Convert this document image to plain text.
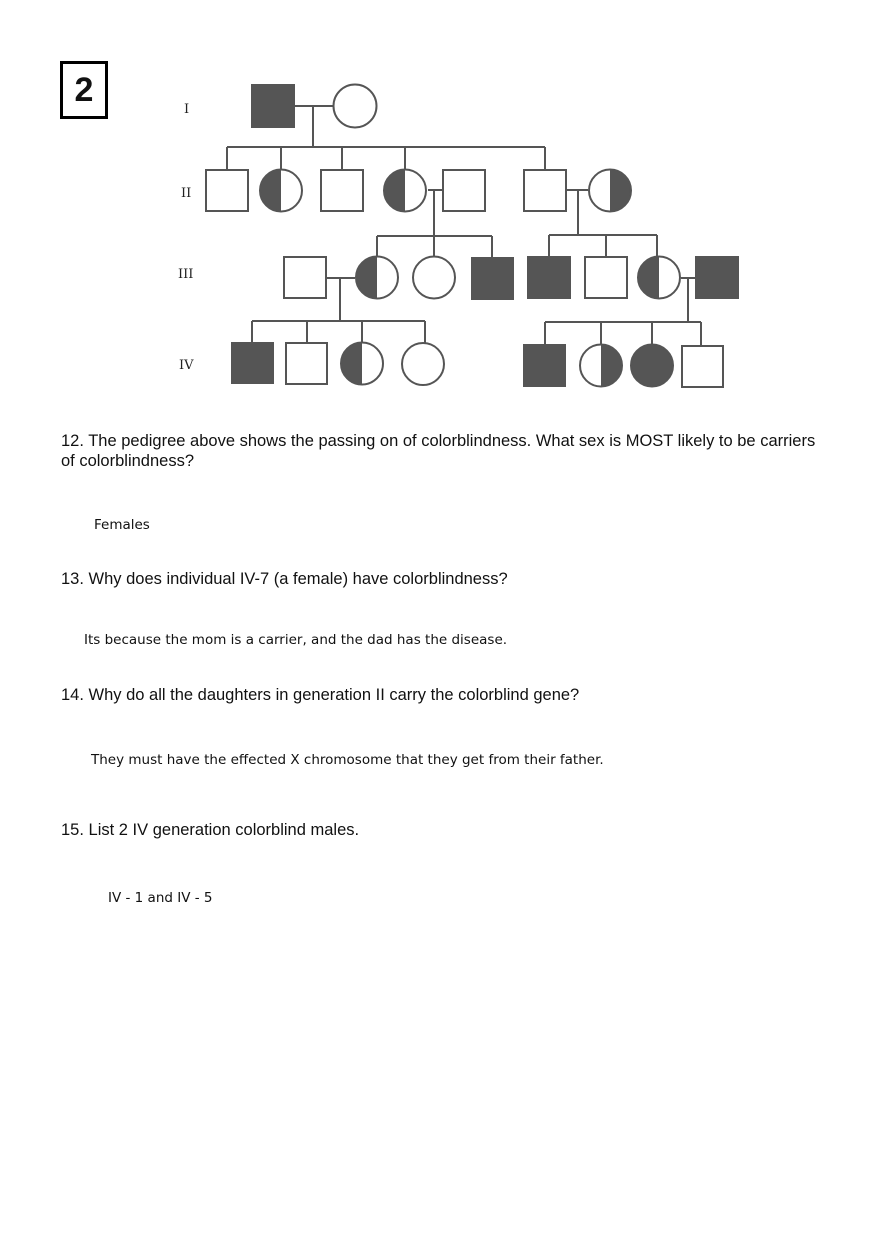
2
I
II
III
IV
12. The pedigree above shows the passing on of colorblindness. What sex is MOST likely to be carriers of colorblindness?
Females
13. Why does individual IV-7 (a female) have colorblindness?
Its because the mom is a carrier, and the dad has the disease.
14. Why do all the daughters in generation II carry the colorblind gene?
They must have the effected X chromosome that they get from their father.
15. List 2 IV generation colorblind males.
IV - 1 and IV - 5
